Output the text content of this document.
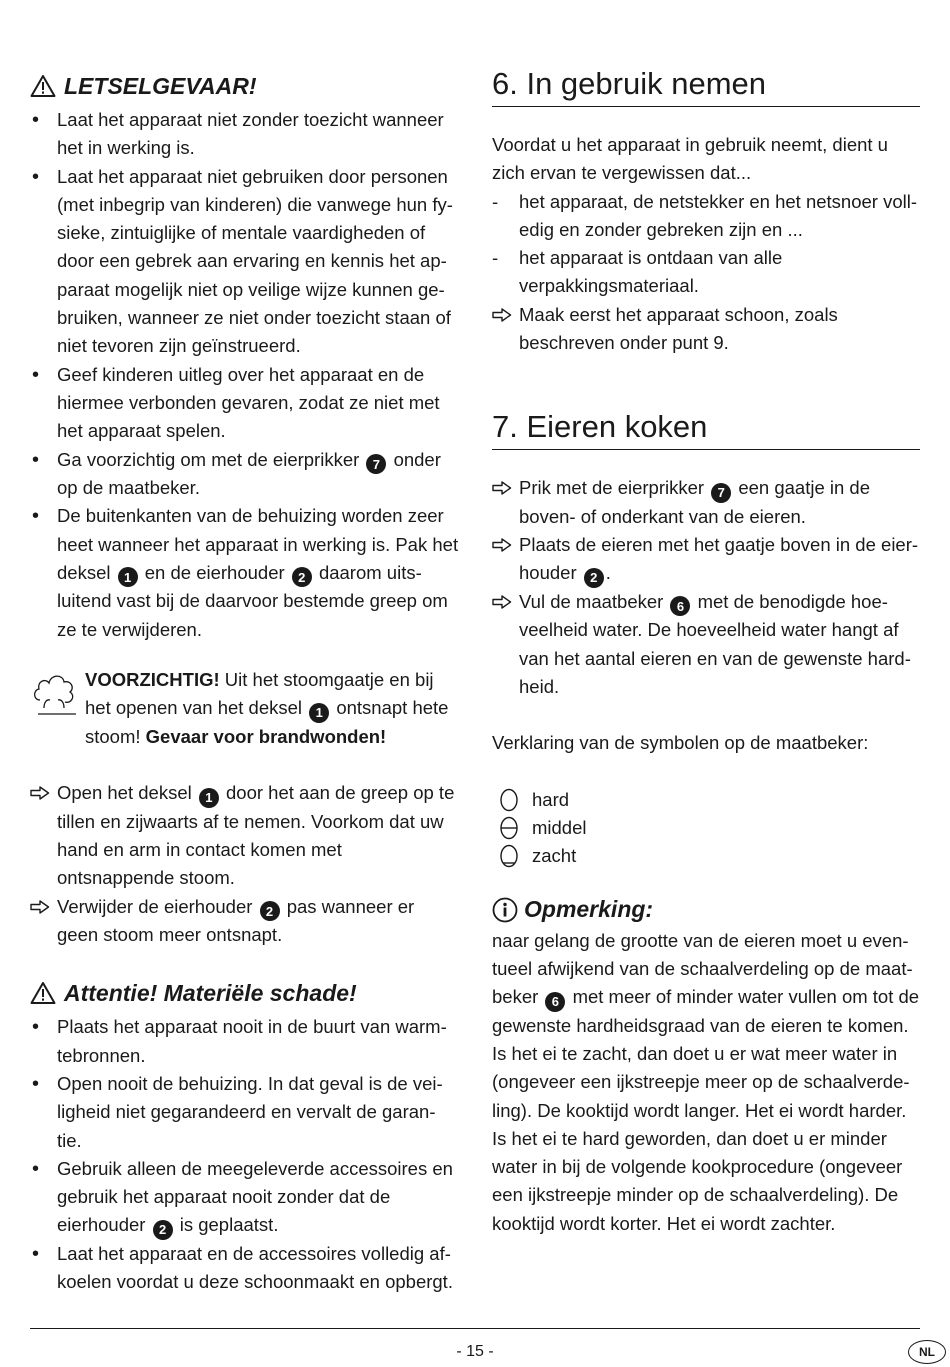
LETSELGEVAAR!
• Laat het apparaat niet zonder toezicht wanneer het in werking is.
• Laat het apparaat niet gebruiken door personen (met inbegrip van kinderen) die vanwege hun fy-sieke, zintuiglijke of mentale vaardigheden of door een gebrek aan ervaring en kennis het ap-paraat mogelijk niet op veilige wijze kunnen ge-bruiken, wanneer ze niet onder toezicht staan of niet tevoren zijn geïnstrueerd.
• Geef kinderen uitleg over het apparaat en de hiermee verbonden gevaren, zodat ze niet met het apparaat spelen.
• Ga voorzichtig om met de eierprikker 7 onder op de maatbeker.
• De buitenkanten van de behuizing worden zeer heet wanneer het apparaat in werking is. Pak het deksel 1 en de eierhouder 2 daarom uits-luitend vast bij de daarvoor bestemde greep om ze te verwijderen.

VOORZICHTIG! Uit het stoomgaatje en bij het openen van het deksel 1 ontsnapt hete stoom! Gevaar voor brandwonden!

Open het deksel 1 door het aan de greep op te tillen en zijwaarts af te nemen. Voorkom dat uw hand en arm in contact komen met ontsnappende stoom.
Verwijder de eierhouder 2 pas wanneer er geen stoom meer ontsnapt.
Attentie! Materiële schade!
• Plaats het apparaat nooit in de buurt van warm-tebronnen.
• Open nooit de behuizing. In dat geval is de vei-ligheid niet gegarandeerd en vervalt de garan-tie.
• Gebruik alleen de meegeleverde accessoires en gebruik het apparaat nooit zonder dat de eierhouder 2 is geplaatst.
• Laat het apparaat en de accessoires volledig af-koelen voordat u deze schoonmaakt en opbergt.
6. In gebruik nemen

Voordat u het apparaat in gebruik neemt, dient u zich ervan te vergewissen dat...

- het apparaat, de netstekker en het netsnoer voll-edig en zonder gebreken zijn en ...
- het apparaat is ontdaan van alle verpakkingsmateriaal.
Maak eerst het apparaat schoon, zoals beschreven onder punt 9.
7. Eieren koken
Prik met de eierprikker 7 een gaatje in de boven- of onderkant van de eieren.
Plaats de eieren met het gaatje boven in de eier-houder 2 .
Vul de maatbeker 6 met de benodigde hoe-veelheid water. De hoeveelheid water hangt af van het aantal eieren en van de gewenste hard-heid.

Verklaring van de symbolen op de maatbeker:

hard
middel
zacht
Opmerking:

naar gelang de grootte van de eieren moet u even-tueel afwijkend van de schaalverdeling op de maat-beker 6 met meer of minder water vullen om tot de gewenste hardheidsgraad van de eieren te komen. Is het ei te zacht, dan doet u er wat meer water in (ongeveer een ijkstreepje meer op de schaalverde-ling). De kooktijd wordt langer. Het ei wordt harder. Is het ei te hard geworden, dan doet u er minder water in bij de volgende kookprocedure (ongeveer een ijkstreepje minder op de schaalverdeling). De kooktijd wordt korter. Het ei wordt zachter.

- 15 -	NL
